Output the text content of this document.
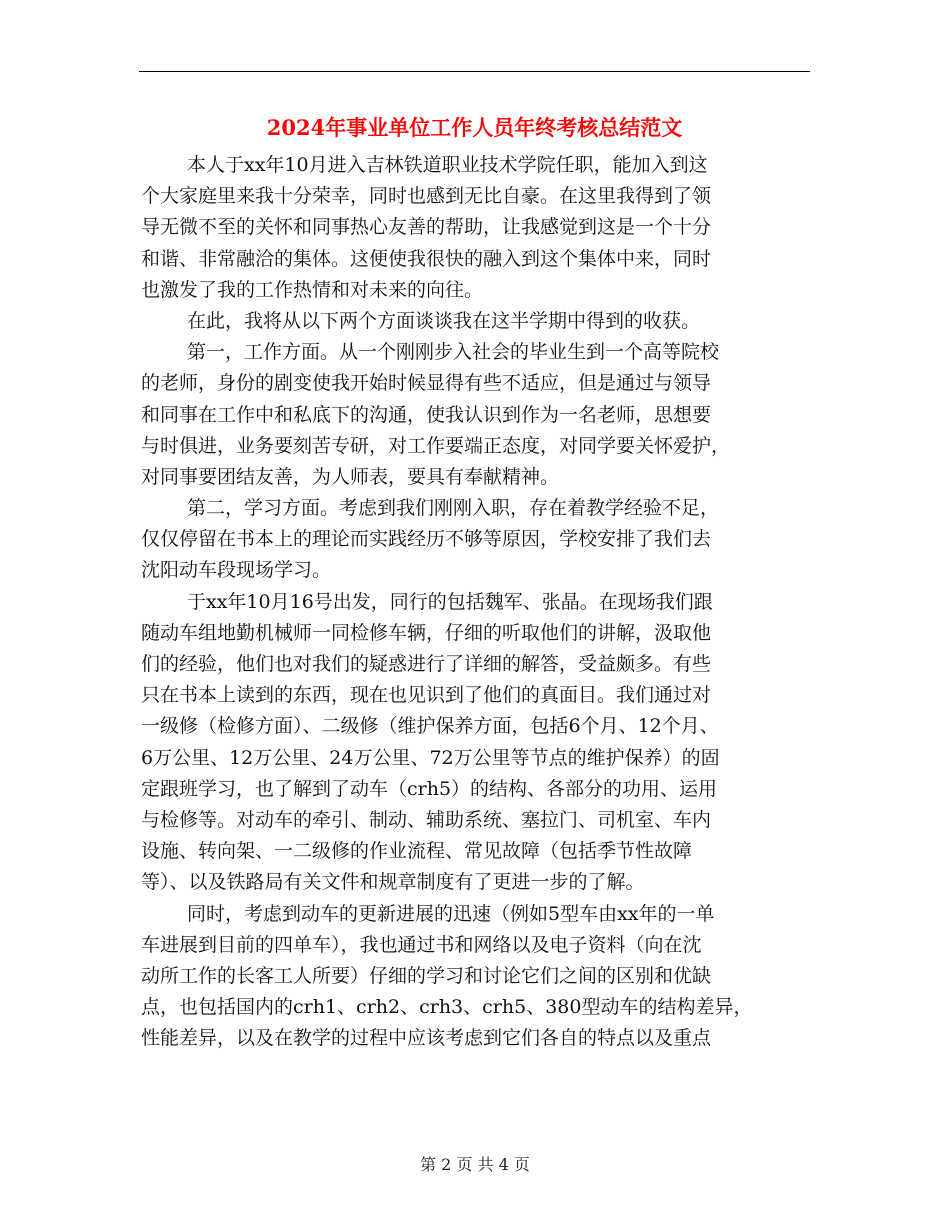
2024年事业单位工作人员年终考核总结范文
本人于xx年10月进入吉林铁道职业技术学院任职，能加入到这
个大家庭里来我十分荣幸，同时也感到无比自豪。在这里我得到了领
导无微不至的关怀和同事热心友善的帮助，让我感觉到这是一个十分
和谐、非常融洽的集体。这便使我很快的融入到这个集体中来，同时
也激发了我的工作热情和对未来的向往。
在此，我将从以下两个方面谈谈我在这半学期中得到的收获。
第一，工作方面。从一个刚刚步入社会的毕业生到一个高等院校
的老师，身份的剧变使我开始时候显得有些不适应，但是通过与领导
和同事在工作中和私底下的沟通，使我认识到作为一名老师，思想要
与时俱进，业务要刻苦专研，对工作要端正态度，对同学要关怀爱护，
对同事要团结友善，为人师表，要具有奉献精神。
第二，学习方面。考虑到我们刚刚入职，存在着教学经验不足，
仅仅停留在书本上的理论而实践经历不够等原因，学校安排了我们去
沈阳动车段现场学习。
于xx年10月16号出发，同行的包括魏军、张晶。在现场我们跟
随动车组地勤机械师一同检修车辆，仔细的听取他们的讲解，汲取他
们的经验，他们也对我们的疑惑进行了详细的解答，受益颇多。有些
只在书本上读到的东西，现在也见识到了他们的真面目。我们通过对
一级修（检修方面）、二级修（维护保养方面，包括6个月、12个月、
6万公里、12万公里、24万公里、72万公里等节点的维护保养）的固
定跟班学习，也了解到了动车（crh5）的结构、各部分的功用、运用
与检修等。对动车的牵引、制动、辅助系统、塞拉门、司机室、车内
设施、转向架、一二级修的作业流程、常见故障（包括季节性故障
等）、以及铁路局有关文件和规章制度有了更进一步的了解。
同时，考虑到动车的更新进展的迅速（例如5型车由xx年的一单
车进展到目前的四单车），我也通过书和网络以及电子资料（向在沈
动所工作的长客工人所要）仔细的学习和讨论它们之间的区别和优缺
点，也包括国内的crh1、crh2、crh3、crh5、380型动车的结构差异，
性能差异，以及在教学的过程中应该考虑到它们各自的特点以及重点
第 2 页 共 4 页
